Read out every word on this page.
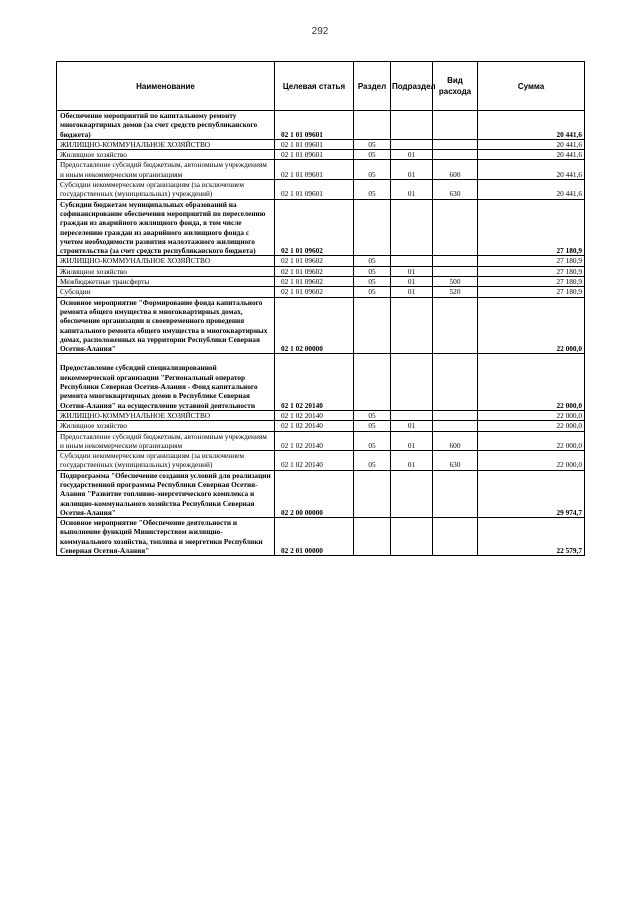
292
Наименование	Целевая статья	Раздел	Подраздел	Вид расхода	Сумма
Обеспечение мероприятий по капитальному ремонту многоквартирных домов (за счет средств республиканского бюджета)	02 1 01 09601				20 441,6
ЖИЛИЩНО-КОММУНАЛЬНОЕ ХОЗЯЙСТВО	02 1 01 09601	05			20 441,6
Жилищное хозяйство	02 1 01 09601	05	01		20 441,6
Предоставление субсидий бюджетным, автономным учреждениям и иным некоммерческим организациям	02 1 01 09601	05	01	600	20 441,6
Субсидии некоммерческим организациям (за исключением государственных (муниципальных) учреждений)	02 1 01 09601	05	01	630	20 441,6
Субсидии бюджетам муниципальных образований на софинансирование обеспечения мероприятий по переселению граждан из аварийного жилищного фонда, в том числе переселению граждан из аварийного жилищного фонда с учетом необходимости развития малоэтажного жилищного строительства (за счет средств республиканского бюджета)	02 1 01 09602				27 180,9
ЖИЛИЩНО-КОММУНАЛЬНОЕ ХОЗЯЙСТВО	02 1 01 09602	05			27 180,9
Жилищное хозяйство	02 1 01 09602	05	01		27 180,9
Межбюджетные трансферты	02 1 01 09602	05	01	500	27 180,9
Субсидии	02 1 01 09602	05	01	520	27 180,9
Основное мероприятие "Формирование фонда капитального ремонта общего имущества в многоквартирных домах, обеспечение организации и своевременного проведения капитального ремонта общего имущества в многоквартирных домах, расположенных на территории Республики Северная Осетия-Алания"	02 1 02 00000				22 000,0
Предоставление субсидий специализированной некоммерческой организации "Региональный оператор Республики Северная Осетия-Алания - Фонд капитального ремонта многоквартирных домов в Республике Северная Осетия-Алания" на осуществление уставной деятельности	02 1 02 20140				22 000,0
ЖИЛИЩНО-КОММУНАЛЬНОЕ ХОЗЯЙСТВО	02 1 02 20140	05			22 000,0
Жилищное хозяйство	02 1 02 20140	05	01		22 000,0
Предоставление субсидий бюджетным, автономным учреждениям и иным некоммерческим организациям	02 1 02 20140	05	01	600	22 000,0
Субсидии некоммерческим организациям (за исключением государственных (муниципальных) учреждений)	02 1 02 20140	05	01	630	22 000,0
Подпрограмма "Обеспечение создания условий для реализации государственной программы Республики Северная Осетия-Алания "Развитие топливно-энергетического комплекса и жилищно-коммунального хозяйства Республики Северная Осетия-Алания"	02 2 00 00000				29 974,7
Основное мероприятие "Обеспечение деятельности и выполнение функций Министерством жилищно-коммунального хозяйства, топлива и энергетики Республики Северная Осетия-Алания"	02 2 01 00000				22 579,7
